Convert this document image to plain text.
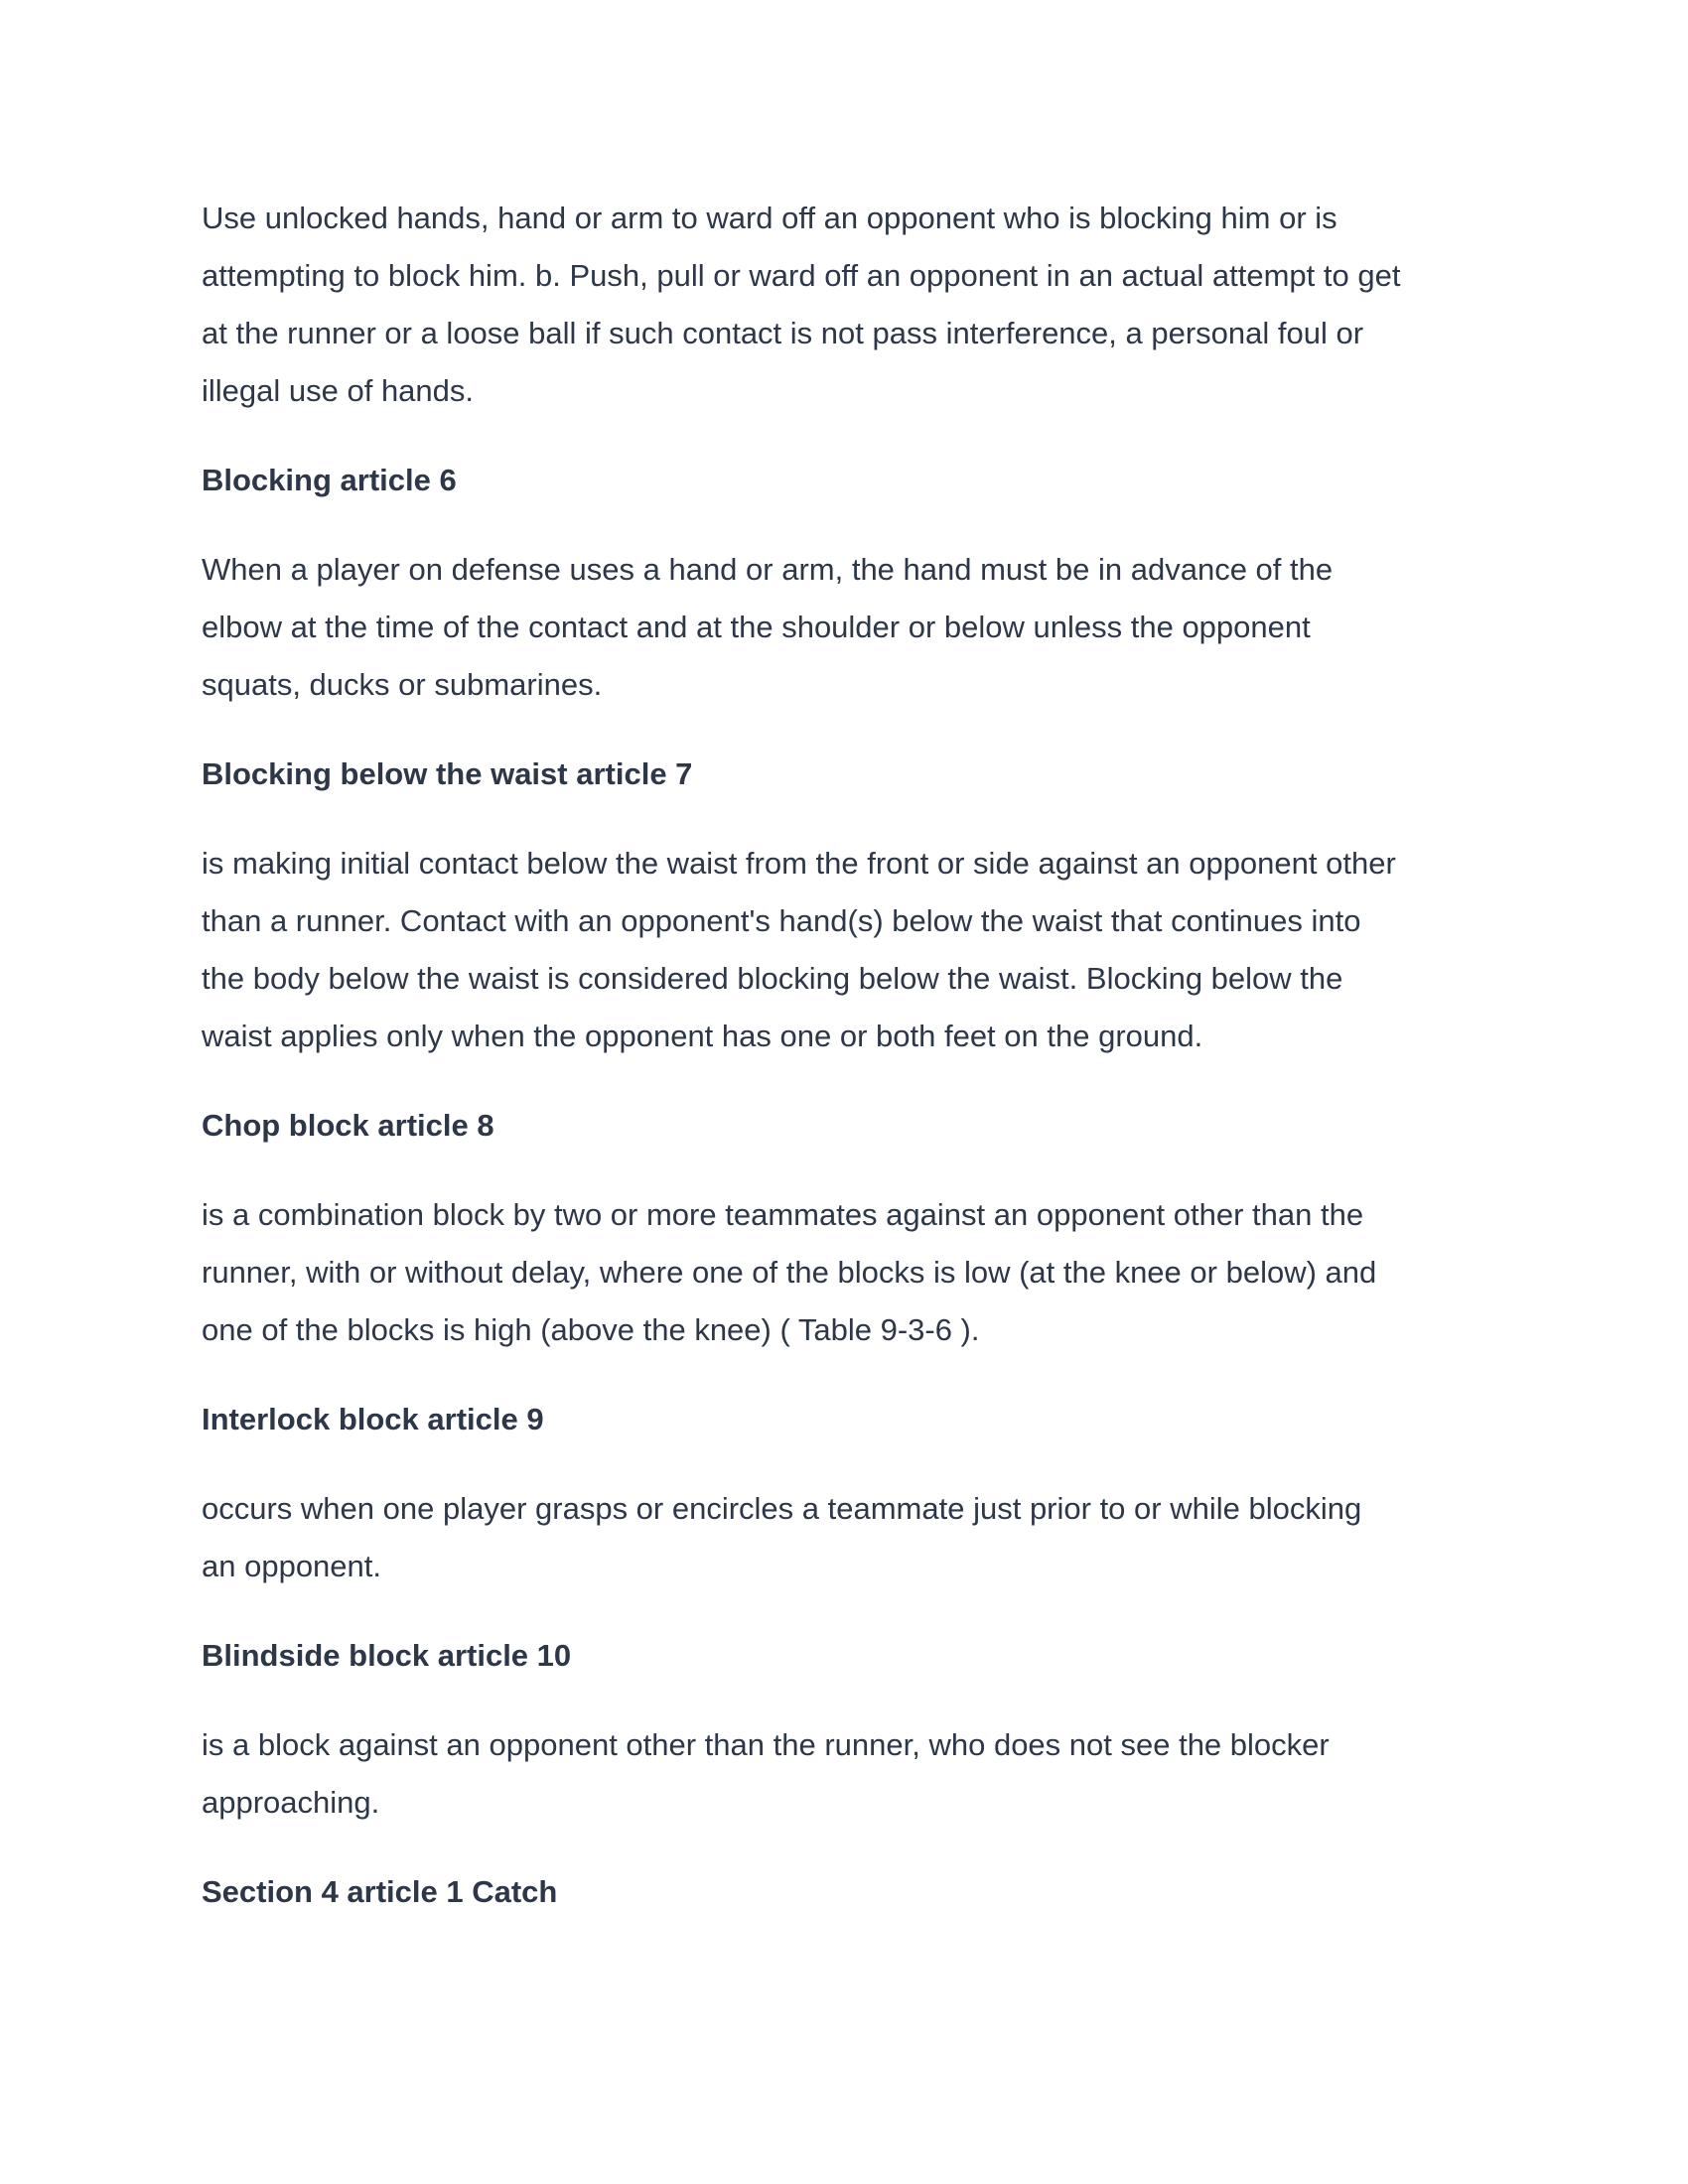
Use unlocked hands, hand or arm to ward off an opponent who is blocking him or is
attempting to block him. b. Push, pull or ward off an opponent in an actual attempt to get
at the runner or a loose ball if such contact is not pass interference, a personal foul or
illegal use of hands.

Blocking article 6

When a player on defense uses a hand or arm, the hand must be in advance of the
elbow at the time of the contact and at the shoulder or below unless the opponent
squats, ducks or submarines.

Blocking below the waist article 7

is making initial contact below the waist from the front or side against an opponent other
than a runner. Contact with an opponent's hand(s) below the waist that continues into
the body below the waist is considered blocking below the waist. Blocking below the
waist applies only when the opponent has one or both feet on the ground.

Chop block article 8

is a combination block by two or more teammates against an opponent other than the
runner, with or without delay, where one of the blocks is low (at the knee or below) and
one of the blocks is high (above the knee) ( Table 9-3-6 ).

Interlock block article 9

occurs when one player grasps or encircles a teammate just prior to or while blocking
an opponent.

Blindside block article 10

is a block against an opponent other than the runner, who does not see the blocker
approaching.

Section 4 article 1 Catch
